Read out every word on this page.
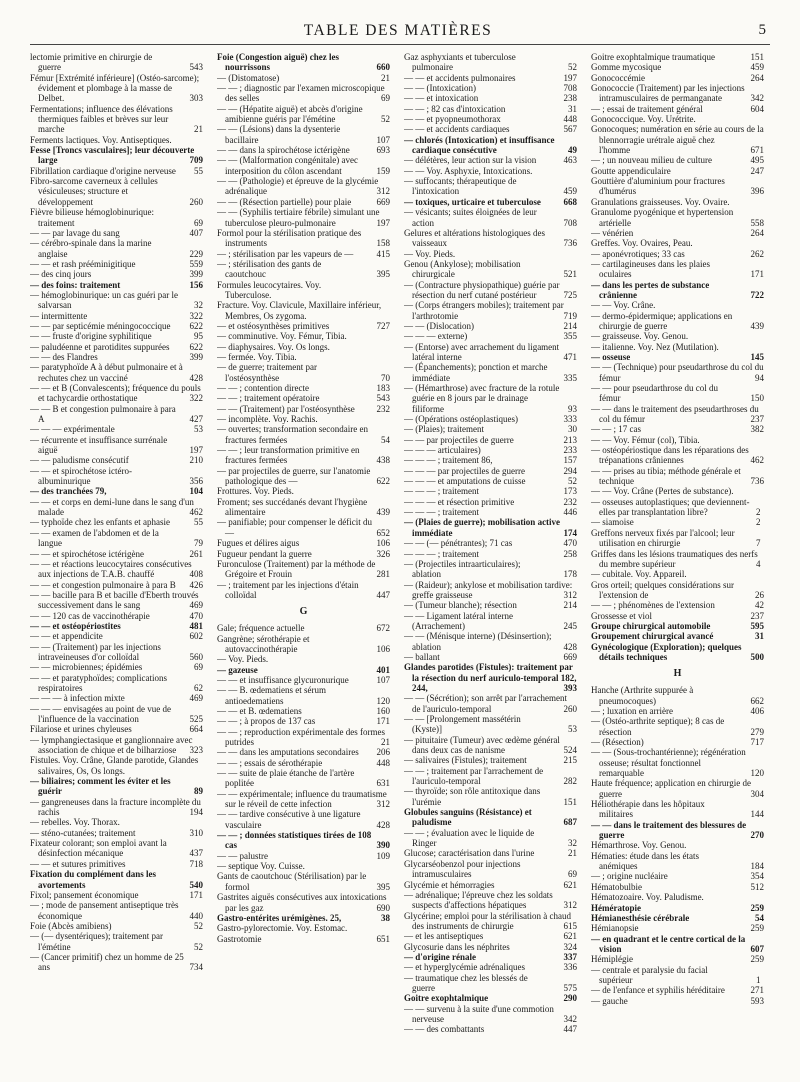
TABLE DES MATIÈRES	5
lectomie primitive en chirurgie de guerre	543
Fémur [Extrémité inférieure] (Ostéo-sarcome); évidement et plombage à la masse de Delbet.	303
Fermentations; influence des élévations thermiques faibles et brèves sur leur marche	21
Ferments lactiques. Voy. Antiseptiques.
Fesse [Troncs vasculaires]; leur découverte large	709
Fibrillation cardiaque d'origine nerveuse 55
Fibro-sarcome caverneux à cellules vésiculeuses; structure et développement	260
Fièvre bilieuse hémoglobinurique: traitement	69
— — par lavage du sang	407
— cérébro-spinale dans la marine anglaise	229
— — et rash prééminigitique	559
— des cinq jours	399
— des foins: traitement	156
— hémoglobinurique: un cas guéri par le salvarsan	32
— intermittente	322
— — par septicémie méningococcique 622
— — fruste d'origine syphilitique	95
— paludéenne et parotidites suppurées 622
— — des Flandres	399
— paratyphoïde A à début pulmonaire et à rechutes chez un vacciné	428
— — et B (Convalescents); fréquence du pouls et tachycardie orthostatique	322
— — B et congestion pulmonaire à para A	427
— — — expérimentale	53
— récurrente et insuffisance surrénale aiguë	197
— — paludisme consécutif	210
— — et spirochétose ictéro-albuminurique	356
— des tranchées 79,	104
— — et corps en demi-lune dans le sang d'un malade	462
— typhoïde chez les enfants et aphasie	55
— — examen de l'abdomen et de la langue	79
— — et spirochétose ictérigène	261
— — et réactions leucocytaires consécutives aux injections de T.A.B. chauffé	408
— — et congestion pulmonaire à para B 426
— — bacille para B et bacille d'Eberth trouvés successivement dans le sang	469
— — 120 cas de vaccinothérapie	470
— — et ostéopériostites	481
— — et appendicite	602
— — (Traitement) par les injections intraveineuses d'or colloïdal	560
— — microbiennes; épidémies	69
— — et paratyphoïdes; complications respiratoires	62
— — — à infection mixte	469
— — — envisagées au point de vue de l'influence de la vaccination	525
Filariose et urines chyleuses	664
— lymphangiectasique et ganglionnaire avec association de chique et de bilharziose 323
Fistules. Voy. Crâne, Glande parotide, Glandes salivaires, Os, Os longs.
— biliaires; comment les éviter et les guérir	89
— gangreneuses dans la fracture incomplète du rachis	194
— rebelles. Voy. Thorax.
— sténo-cutanées; traitement	310
Fixateur colorant; son emploi avant la désinfection mécanique	437
— — et sutures primitives	718
Fixation du complément dans les avortements	540
Fixol; pansement économique	171
— ; mode de pansement antiseptique très économique	440
Foie (Abcès amibiens)	52
— (— dysentériques); traitement par l'émétine	52
— (Cancer primitif) chez un homme de 25 ans	734
Foie (Congestion aiguë) chez les nourrissons	660
— (Distomatose)	21
— — ; diagnostic par l'examen microscopique des selles	69
— — (Hépatite aiguë) et abcès d'origine amibienne guéris par l'émétine	52
— — (Lésions) dans la dysenterie bacillaire	107
— — dans la spirochétose ictérigène	693
— — (Malformation congénitale) avec interposition du côlon ascendant	159
— — (Pathologie) et épreuve de la glycémie adrénalique	312
— — (Résection partielle) pour plaie	669
— — (Syphilis tertiaire fébrile) simulant une tuberculose pleuro-pulmonaire	197
Formol pour la stérilisation pratique des instruments	158
— ; stérilisation par les vapeurs de —	415
— ; stérilisation des gants de caoutchouc	395
Formules leucocytaires. Voy. Tuberculose.
Fracture. Voy. Clavicule, Maxillaire inférieur, Membres, Os zygoma.
— et ostéosynthèses primitives	727
— comminutive. Voy. Fémur, Tibia.
— diaphysaires. Voy. Os longs.
— fermée. Voy. Tibia.
— de guerre; traitement par l'ostéosynthèse	70
— — ; contention directe	183
— — ; traitement opératoire	543
— — (Traitement) par l'ostéosynthèse 232
— incomplète. Voy. Rachis.
— ouvertes; transformation secondaire en fractures fermées	54
— — ; leur transformation primitive en fractures fermées	438
— par projectiles de guerre, sur l'anatomie pathologique des —	622
Frottures. Voy. Pieds.
Froment; ses succédanés devant l'hygiène alimentaire	439
— panifiable; pour compenser le déficit du —	652
Fugues et délires aigus	106
Fugueur pendant la guerre	326
Furonculose (Traitement) par la méthode de Grégoire et Frouin	281
— ; traitement par les injections d'étain colloïdal	447
G
Gale; fréquence actuelle	672
Gangrène; sérothérapie et autovaccinothérapie	106
— Voy. Pieds.
— gazeuse	401
— — et insuffisance glycuronurique	107
— — B. œdematiens et sérum antioedematiens	120
— — et B. œdematiens	160
— — ; à propos de 137 cas	171
— — ; reproduction expérimentale des formes putrides	21
— — dans les amputations secondaires 206
— — ; essais de sérothérapie	448
— — suite de plaie étanche de l'artère poplitée	631
— — expérimentale; influence du traumatisme sur le réveil de cette infection	312
— — tardive consécutive à une ligature vasculaire	428
— — ; données statistiques tirées de 108 cas	390
— — palustre	109
— septique Voy. Cuisse.
Gants de caoutchouc (Stérilisation) par le formol	395
Gastrites aiguës consécutives aux intoxications par les gaz	690
Gastro-entérites urémigènes. 25,	38
Gastro-pylorectomie. Voy. Estomac.
Gastrotomie	651
Gaz asphyxiants et tuberculose pulmonaire	52
— — et accidents pulmonaires	197
— — (Intoxication)	708
— — et intoxication	238
— — ; 82 cas d'intoxication	31
— — et pyopneumothorax	448
— — et accidents cardiaques	567
— chlorés (Intoxication) et insuffisance cardiaque consécutive	49
— délétères, leur action sur la vision	463
— — Voy. Asphyxie, Intoxications.
— suffocants; thérapeutique de l'intoxication	459
— toxiques, urticaire et tuberculose	668
— vésicants; suites éloignées de leur action	708
Gelures et altérations histologiques des vaisseaux	736
— Voy. Pieds.
Genou (Ankylose); mobilisation chirurgicale	521
— (Contracture physiopathique) guérie par résection du nerf cutané postérieur	725
— (Corps étrangers mobiles); traitement par l'arthrotomie	719
— — (Dislocation)	214
— — — externe)	355
— (Entorse) avec arrachement du ligament latéral interne	471
— (Épanchements); ponction et marche immédiate	335
— (Hémarthrose) avec fracture de la rotule guérie en 8 jours par le drainage filiforme	93
— (Opérations ostéoplastiques)	333
— (Plaies); traitement	30
— — par projectiles de guerre	213
— — — articulaires)	233
— — — ; traitement 86,	157
— — — par projectiles de guerre	294
— — — et amputations de cuisse	52
— — — ; traitement	173
— — — et résection primitive	232
— — — ; traitement	446
— (Plaies de guerre); mobilisation active immédiate	174
— — (— pénétrantes); 71 cas	470
— — — ; traitement	258
— (Projectiles intraarticulaires); ablation	178
— (Raideur); ankylose et mobilisation tardive: greffe graisseuse	312
— (Tumeur blanche); résection	214
— — Ligament latéral interne (Arrachement)	245
— — (Ménisque interne) (Désinsertion); ablation	428
— ballant	669
Glandes parotides (Fistules): traitement par la résection du nerf auriculo-temporal 182, 244,	393
— — (Sécrétion); son arrêt par l'arrachement de l'auriculo-temporal	260
— — [Prolongement massétérin (Kyste)]	53
— pituitaire (Tumeur) avec œdème général dans deux cas de nanisme	524
— salivaires (Fistules); traitement	215
— — ; traitement par l'arrachement de l'auriculo-temporal	282
— thyroïde; son rôle antitoxique dans l'urémie	151
Globules sanguins (Résistance) et paludisme	687
— — ; évaluation avec le liquide de Ringer	32
Glucose; caractérisation dans l'urine	21
Glycarséobenzol pour injections intramusculaires	69
Glycémie et hémorragies	621
— adrénalique; l'épreuve chez les soldats suspects d'affections hépatiques	312
Glycérine; emploi pour la stérilisation à chaud des instruments de chirurgie	615
— et les antiseptiques	621
Glycosurie dans les néphrites	324
— d'origine rénale	337
— et hyperglycémie adrénaliques	336
— traumatique chez les blessés de guerre	575
Goitre exophtalmique	290
— — survenu à la suite d'une commotion nerveuse	342
— — des combattants	447
Goitre exophtalmique traumatique	151
Gomme mycosique	459
Gonococcémie	264
Gonococcie (Traitement) par les injections intramusculaires de permanganate	342
— ; essai de traitement général	604
Gonococcique. Voy. Urétrite.
Gonocoques; numération en série au cours de la blennorragie urétrale aiguë chez l'homme	671
— ; un nouveau milieu de culture	495
Goutte appendiculaire	247
Gouttière d'aluminium pour fractures d'humérus	396
Granulations graisseuses. Voy. Ovaire.
Granulome pyogénique et hypertension artérielle	558
— vénérien	264
Greffes. Voy. Ovaires, Peau.
— aponévrotiques; 33 cas	262
— cartilagineuses dans les plaies oculaires	171
— dans les pertes de substance crânienne	722
— — Voy. Crâne.
— dermo-épidermique; applications en chirurgie de guerre	439
— graisseuse. Voy. Genou.
— italienne. Voy. Nez (Mutilation).
— osseuse	145
— — (Technique) pour pseudarthrose du col du fémur	94
— — pour pseudarthrose du col du fémur	150
— — dans le traitement des pseudarthroses du col du fémur	237
— — ; 17 cas	382
— — Voy. Fémur (col), Tibia.
— ostéopériostique dans les réparations des trépanations crâniennes	462
— — prises au tibia; méthode générale et technique	736
— — Voy. Crâne (Pertes de substance).
— osseuses autoplastiques; que deviennent-elles par transplantation libre?	2
— siamoise	2
Greffons nerveux fixés par l'alcool; leur utilisation en chirurgie	7
Griffes dans les lésions traumatiques des nerfs du membre supérieur	4
— cubitale. Voy. Appareil.
Gros orteil; quelques considérations sur l'extension de	26
— — ; phénomènes de l'extension	42
Grossesse et viol	237
Groupe chirurgical automobile	595
Groupement chirurgical avancé	31
Gynécologique (Exploration); quelques détails techniques	500
H
Hanche (Arthrite suppurée à pneumocoques)	662
— ; luxation en arrière	406
— (Ostéo-arthrite septique); 8 cas de résection	279
— (Résection)	717
— — (Sous-trochantérienne); régénération osseuse; résultat fonctionnel remarquable	120
Haute fréquence; application en chirurgie de guerre	304
Héliothérapie dans les hôpitaux militaires	144
— — dans le traitement des blessures de guerre	270
Hémarthrose. Voy. Genou.
Hématies: étude dans les états anémiques	184
— ; origine nucléaire	354
Hématobulbie	512
Hématozoaire. Voy. Paludisme.
Hémératopie	259
Hémianesthésie cérébrale	54
Hémianopsie	259
— en quadrant et le centre cortical de la vision	607
Hémiplégie	259
— centrale et paralysie du facial supérieur	1
— de l'enfance et syphilis héréditaire	271
— gauche	593
